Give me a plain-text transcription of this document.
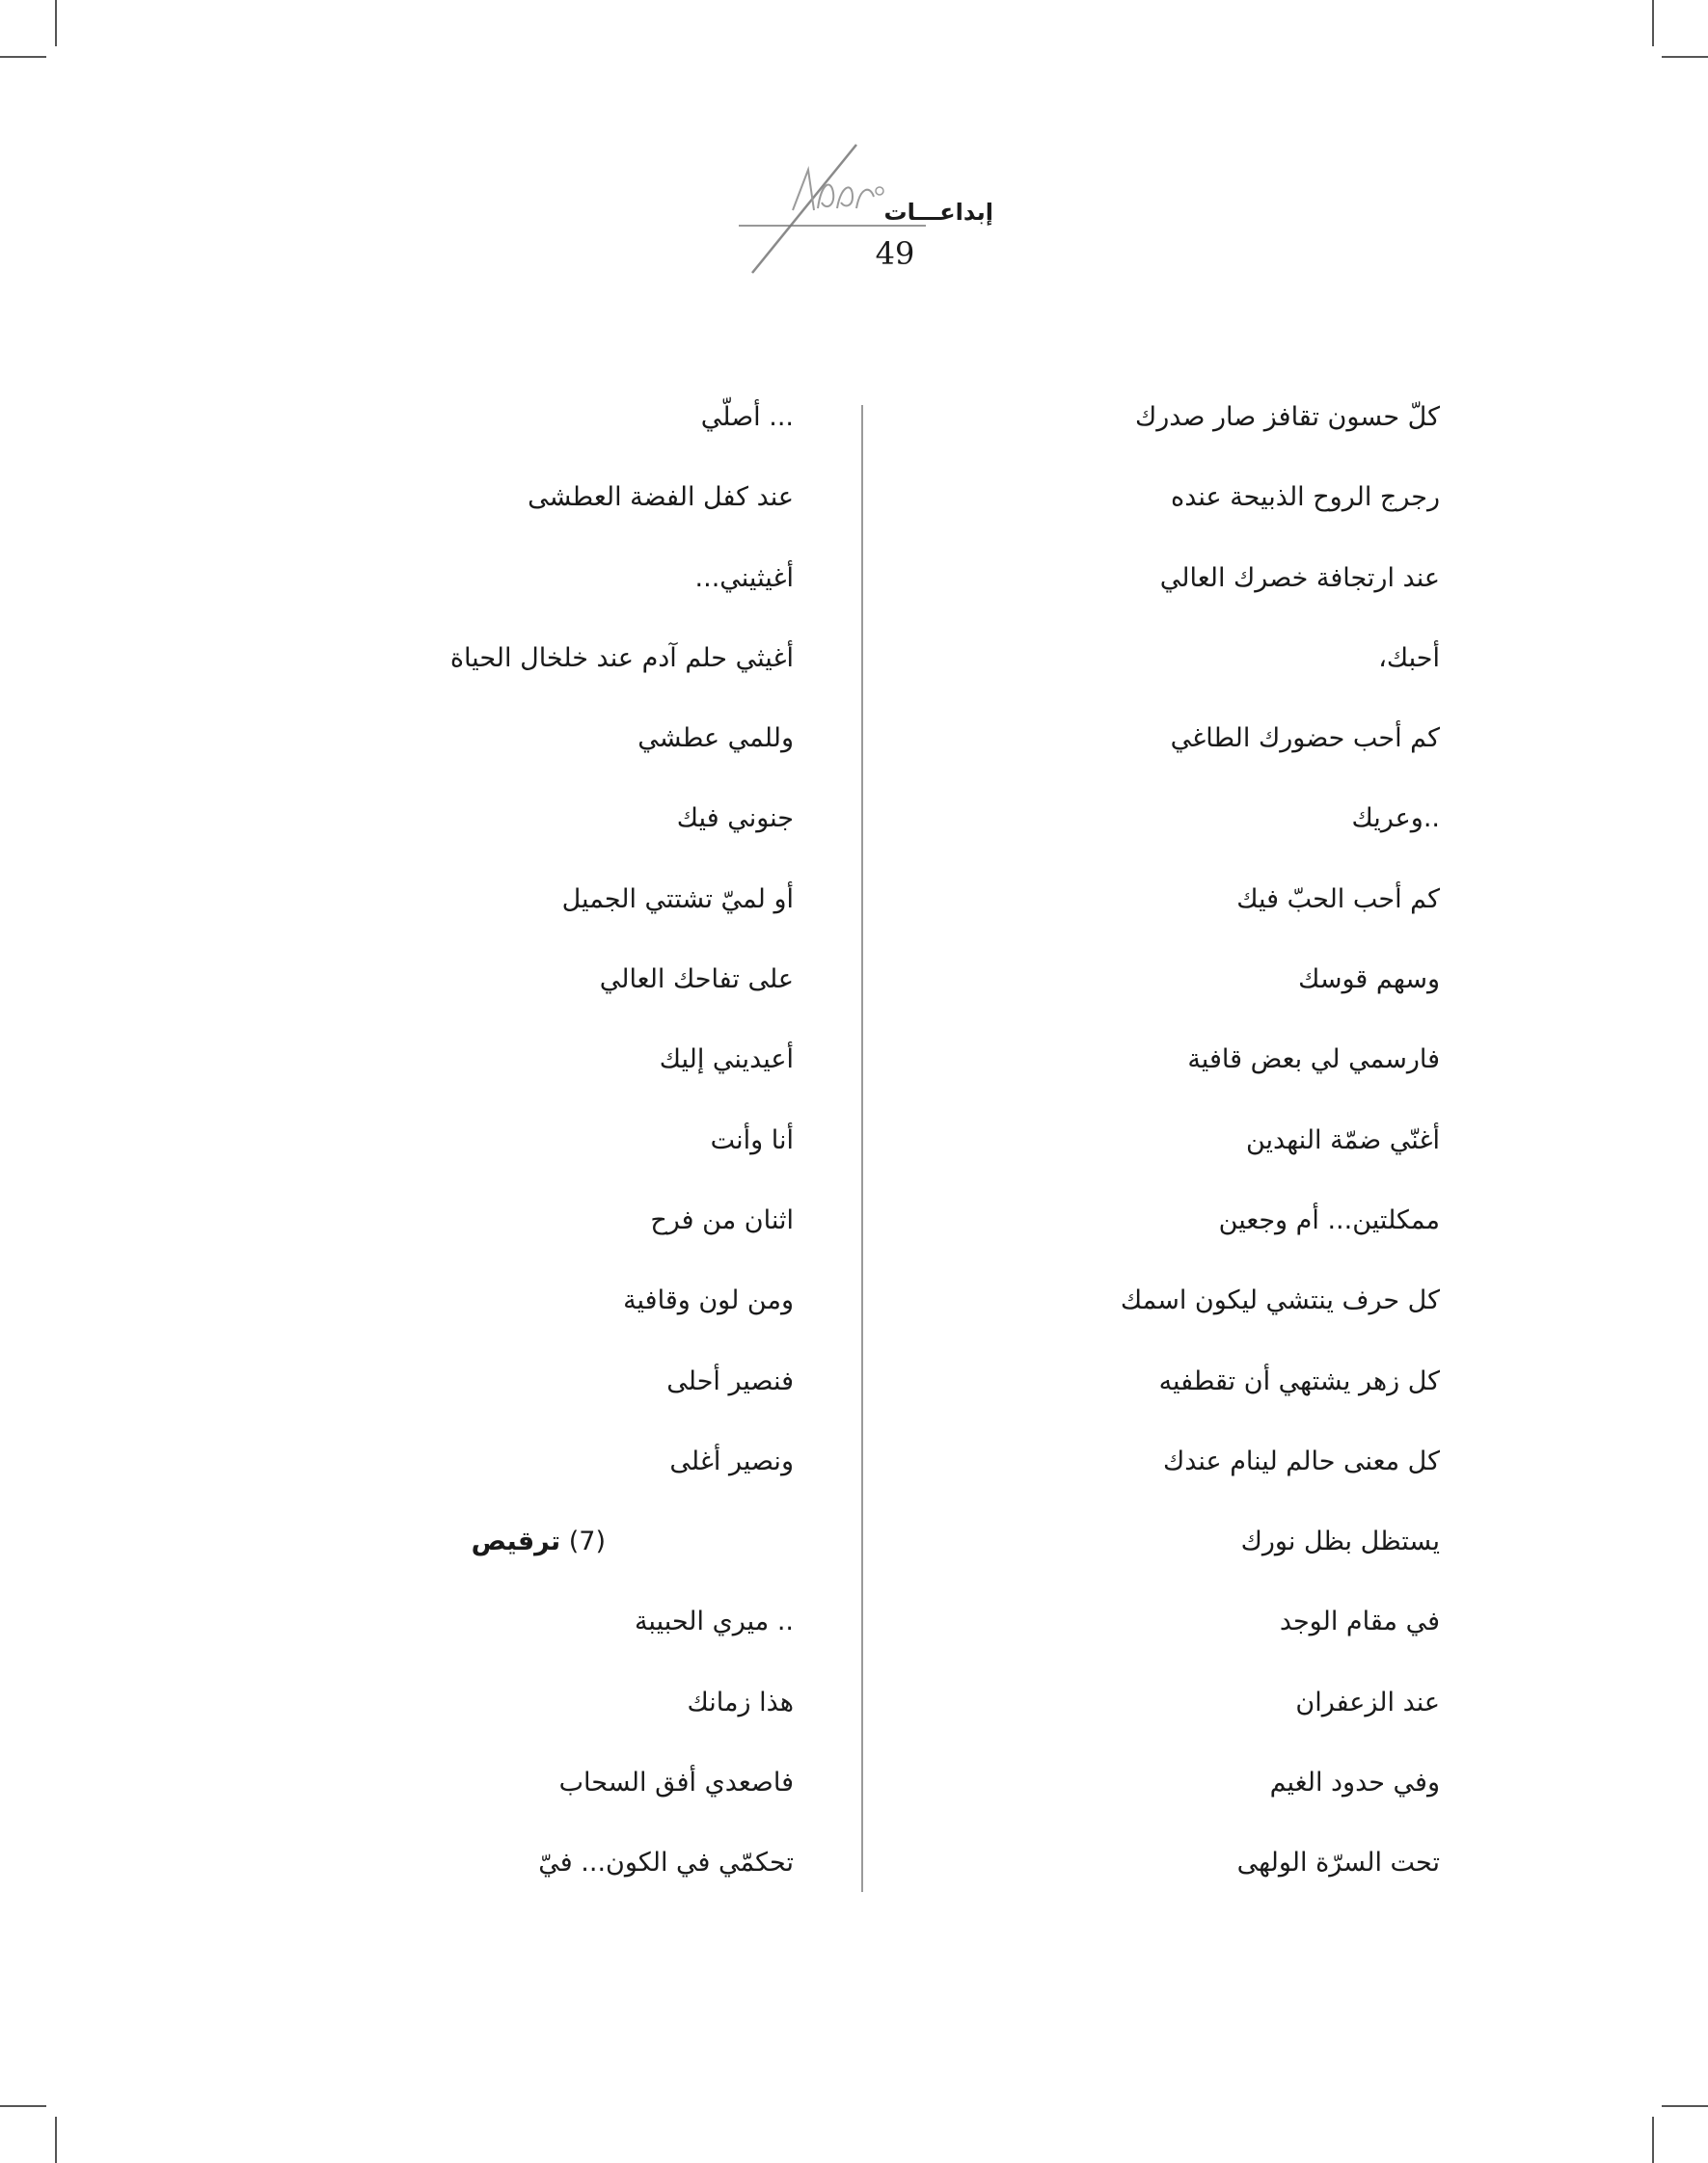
إبداعـــات
49
كلّ حسون تقافز صار صدرك
رجرج الروح الذبيحة عنده
عند ارتجافة خصرك العالي
أحبك،
كم أحب حضورك الطاغي
..وعريك
كم أحب الحبّ فيك
وسهم قوسك
فارسمي لي بعض قافية
أغنّي ضمّة النهدين
ممكلتين... أم وجعين
كل حرف ينتشي ليكون اسمك
كل زهر يشتهي أن تقطفيه
كل معنى حالم لينام عندك
يستظل بظل نورك
في مقام الوجد
عند الزعفران
وفي حدود الغيم
تحت السرّة الولهى
... أصلّي
عند كفل الفضة العطشى
أغيثيني...
أغيثي حلم آدم عند خلخال الحياة
وللمي عطشي
جنوني فيك
أو لميّ تشتتي الجميل
على تفاحك العالي
أعيديني إليك
أنا وأنت
اثنان من فرح
ومن لون وقافية
فنصير أحلى
ونصير أغلى
(7) ترقيص
.. ميري الحبيبة
هذا زمانك
فاصعدي أفق السحاب
تحكمّي في الكون... فيّ
